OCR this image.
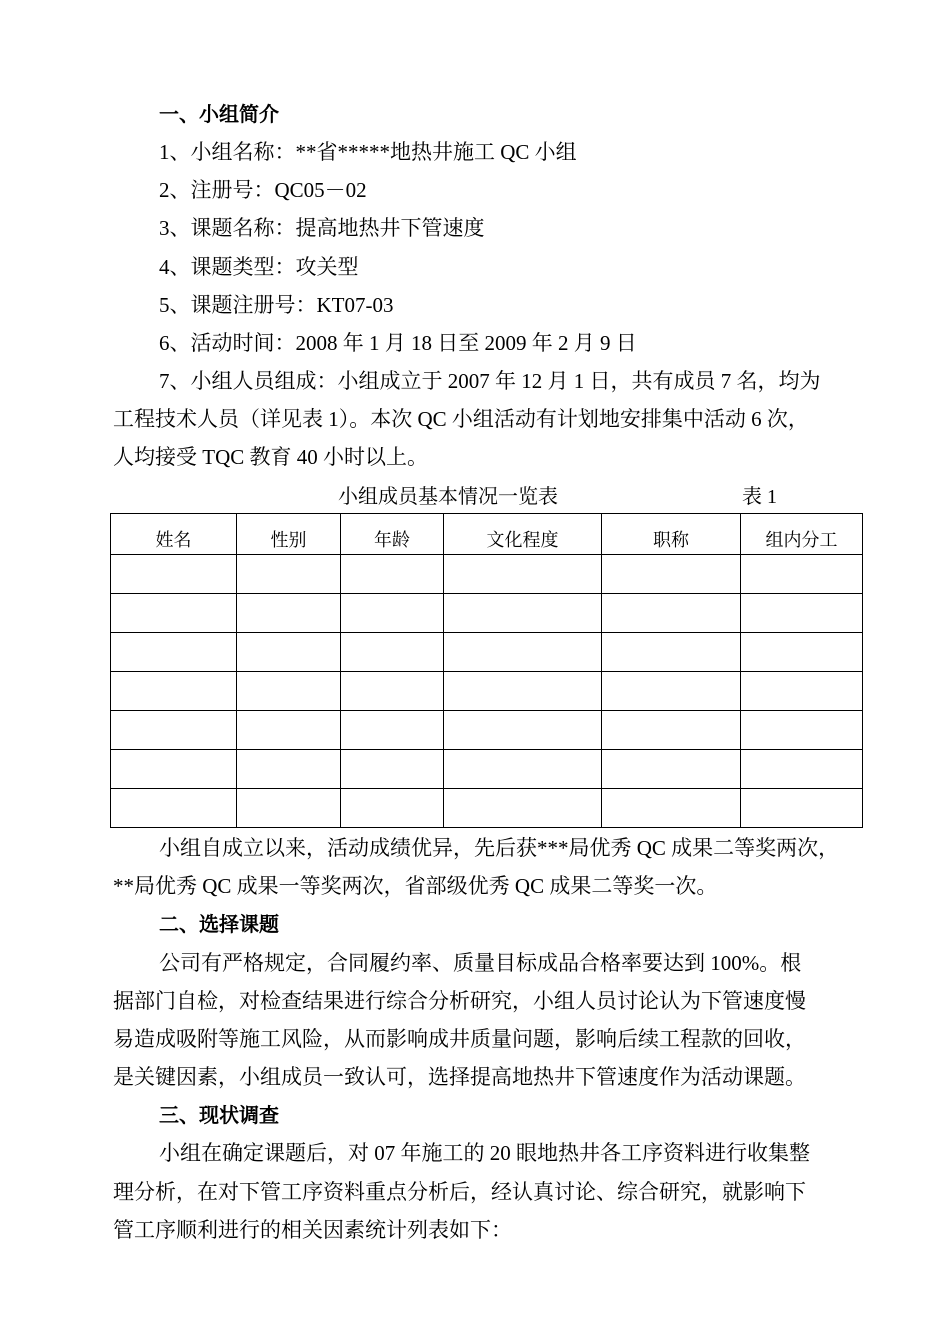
一、小组简介
1、小组名称：**省*****地热井施工 QC 小组
2、注册号：QC05－02
3、课题名称：提高地热井下管速度
4、课题类型：攻关型
5、课题注册号：KT07-03
6、活动时间：2008 年 1 月 18 日至 2009 年 2 月 9 日
7、小组人员组成：小组成立于 2007 年 12 月 1 日，共有成员 7 名，均为
工程技术人员（详见表 1）。本次 QC 小组活动有计划地安排集中活动 6 次，
人均接受 TQC 教育 40 小时以上。
小组成员基本情况一览表	表 1
姓名	性别	年龄	文化程度	职称	组内分工

小组自成立以来，活动成绩优异，先后获***局优秀 QC 成果二等奖两次，
**局优秀 QC 成果一等奖两次，省部级优秀 QC 成果二等奖一次。
二、选择课题
公司有严格规定，合同履约率、质量目标成品合格率要达到 100%。根
据部门自检，对检查结果进行综合分析研究，小组人员讨论认为下管速度慢
易造成吸附等施工风险，从而影响成井质量问题，影响后续工程款的回收，
是关键因素，小组成员一致认可，选择提高地热井下管速度作为活动课题。
三、现状调查
小组在确定课题后，对 07 年施工的 20 眼地热井各工序资料进行收集整
理分析，在对下管工序资料重点分析后，经认真讨论、综合研究，就影响下
管工序顺利进行的相关因素统计列表如下：
